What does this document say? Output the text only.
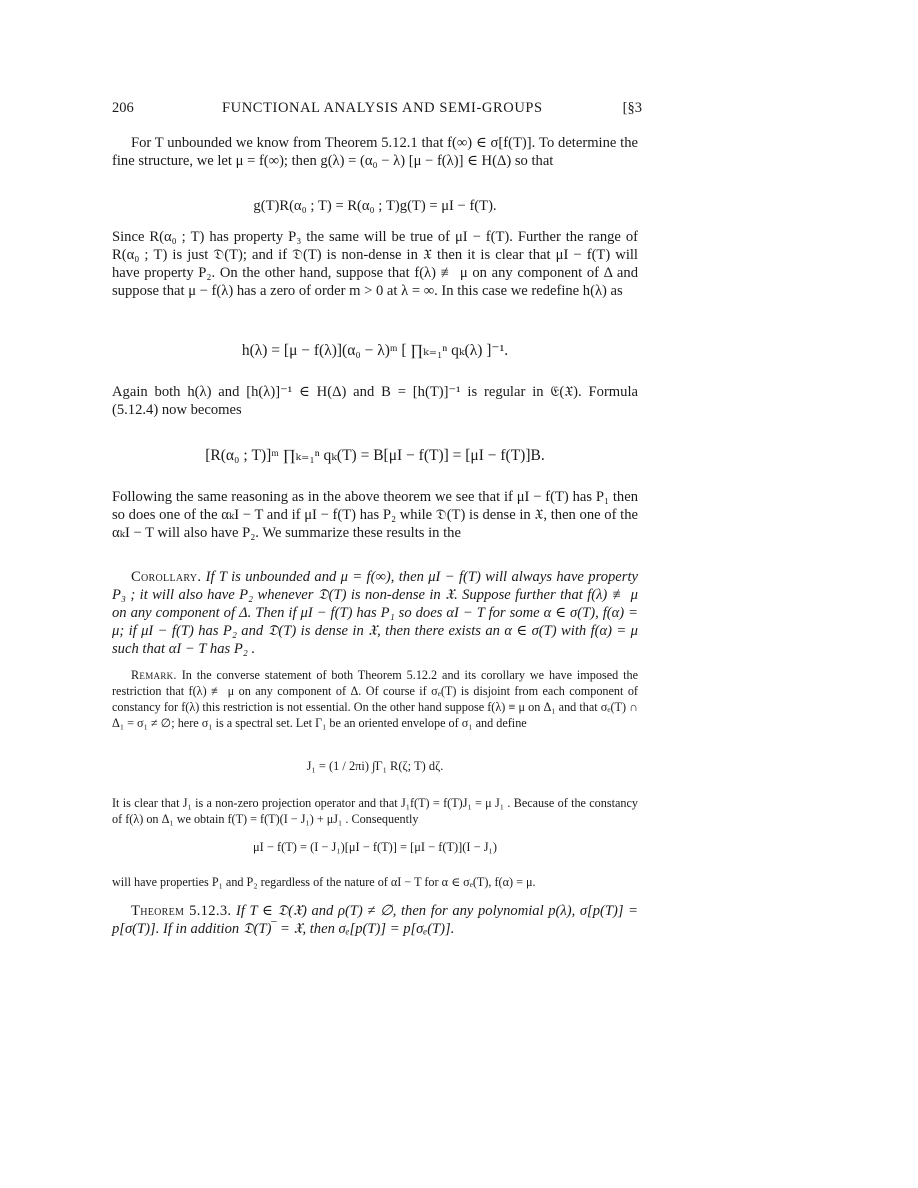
206	FUNCTIONAL ANALYSIS AND SEMI-GROUPS	[§3

For T unbounded we know from Theorem 5.12.1 that f(∞) ∈ σ[f(T)]. To determine the fine structure, we let μ = f(∞); then g(λ) = (α₀ − λ) [μ − f(λ)] ∈ H(Δ) so that

g(T)R(α₀ ; T) = R(α₀ ; T)g(T) = μI − f(T).

Since R(α₀ ; T) has property P₃ the same will be true of μI − f(T). Further the range of R(α₀ ; T) is just 𝔇(T); and if 𝔇(T) is non-dense in 𝔛 then it is clear that μI − f(T) will have property P₂. On the other hand, suppose that f(λ) ≢ μ on any component of Δ and suppose that μ − f(λ) has a zero of order m > 0 at λ = ∞. In this case we redefine h(λ) as

h(λ) = [μ − f(λ)](α₀ − λ)ᵐ [ ∏ₖ₌₁ⁿ qₖ(λ) ]⁻¹.

Again both h(λ) and [h(λ)]⁻¹ ∈ H(Δ) and B = [h(T)]⁻¹ is regular in 𝔈(𝔛). Formula (5.12.4) now becomes

[R(α₀ ; T)]ᵐ ∏ₖ₌₁ⁿ qₖ(T) = B[μI − f(T)] = [μI − f(T)]B.

Following the same reasoning as in the above theorem we see that if μI − f(T) has P₁ then so does one of the αₖI − T and if μI − f(T) has P₂ while 𝔇(T) is dense in 𝔛, then one of the αₖI − T will also have P₂. We summarize these results in the

Corollary. If T is unbounded and μ = f(∞), then μI − f(T) will always have property P₃ ; it will also have P₂ whenever 𝔇(T) is non-dense in 𝔛. Suppose further that f(λ) ≢ μ on any component of Δ. Then if μI − f(T) has P₁ so does αI − T for some α ∈ σ(T), f(α) = μ; if μI − f(T) has P₂ and 𝔇(T) is dense in 𝔛, then there exists an α ∈ σ(T) with f(α) = μ such that αI − T has P₂ .

Remark. In the converse statement of both Theorem 5.12.2 and its corollary we have imposed the restriction that f(λ) ≢ μ on any component of Δ. Of course if σₑ(T) is disjoint from each component of constancy for f(λ) this restriction is not essential. On the other hand suppose f(λ) ≡ μ on Δ₁ and that σₑ(T) ∩ Δ₁ = σ₁ ≠ ∅; here σ₁ is a spectral set. Let Γ₁ be an oriented envelope of σ₁ and define

J₁ = (1 / 2πi) ∫Γ₁ R(ζ; T) dζ.

It is clear that J₁ is a non-zero projection operator and that J₁f(T) = f(T)J₁ = μ J₁ . Because of the constancy of f(λ) on Δ₁ we obtain f(T) = f(T)(I − J₁) + μJ₁ . Consequently

μI − f(T) = (I − J₁)[μI − f(T)] = [μI − f(T)](I − J₁)

will have properties P₁ and P₂ regardless of the nature of αI − T for α ∈ σₑ(T), f(α) = μ.

Theorem 5.12.3. If T ∈ 𝔇(𝔛) and ρ(T) ≠ ∅, then for any polynomial p(λ), σ[p(T)] = p[σ(T)]. If in addition 𝔇(T)‾ = 𝔛, then σₑ[p(T)] = p[σₑ(T)].
